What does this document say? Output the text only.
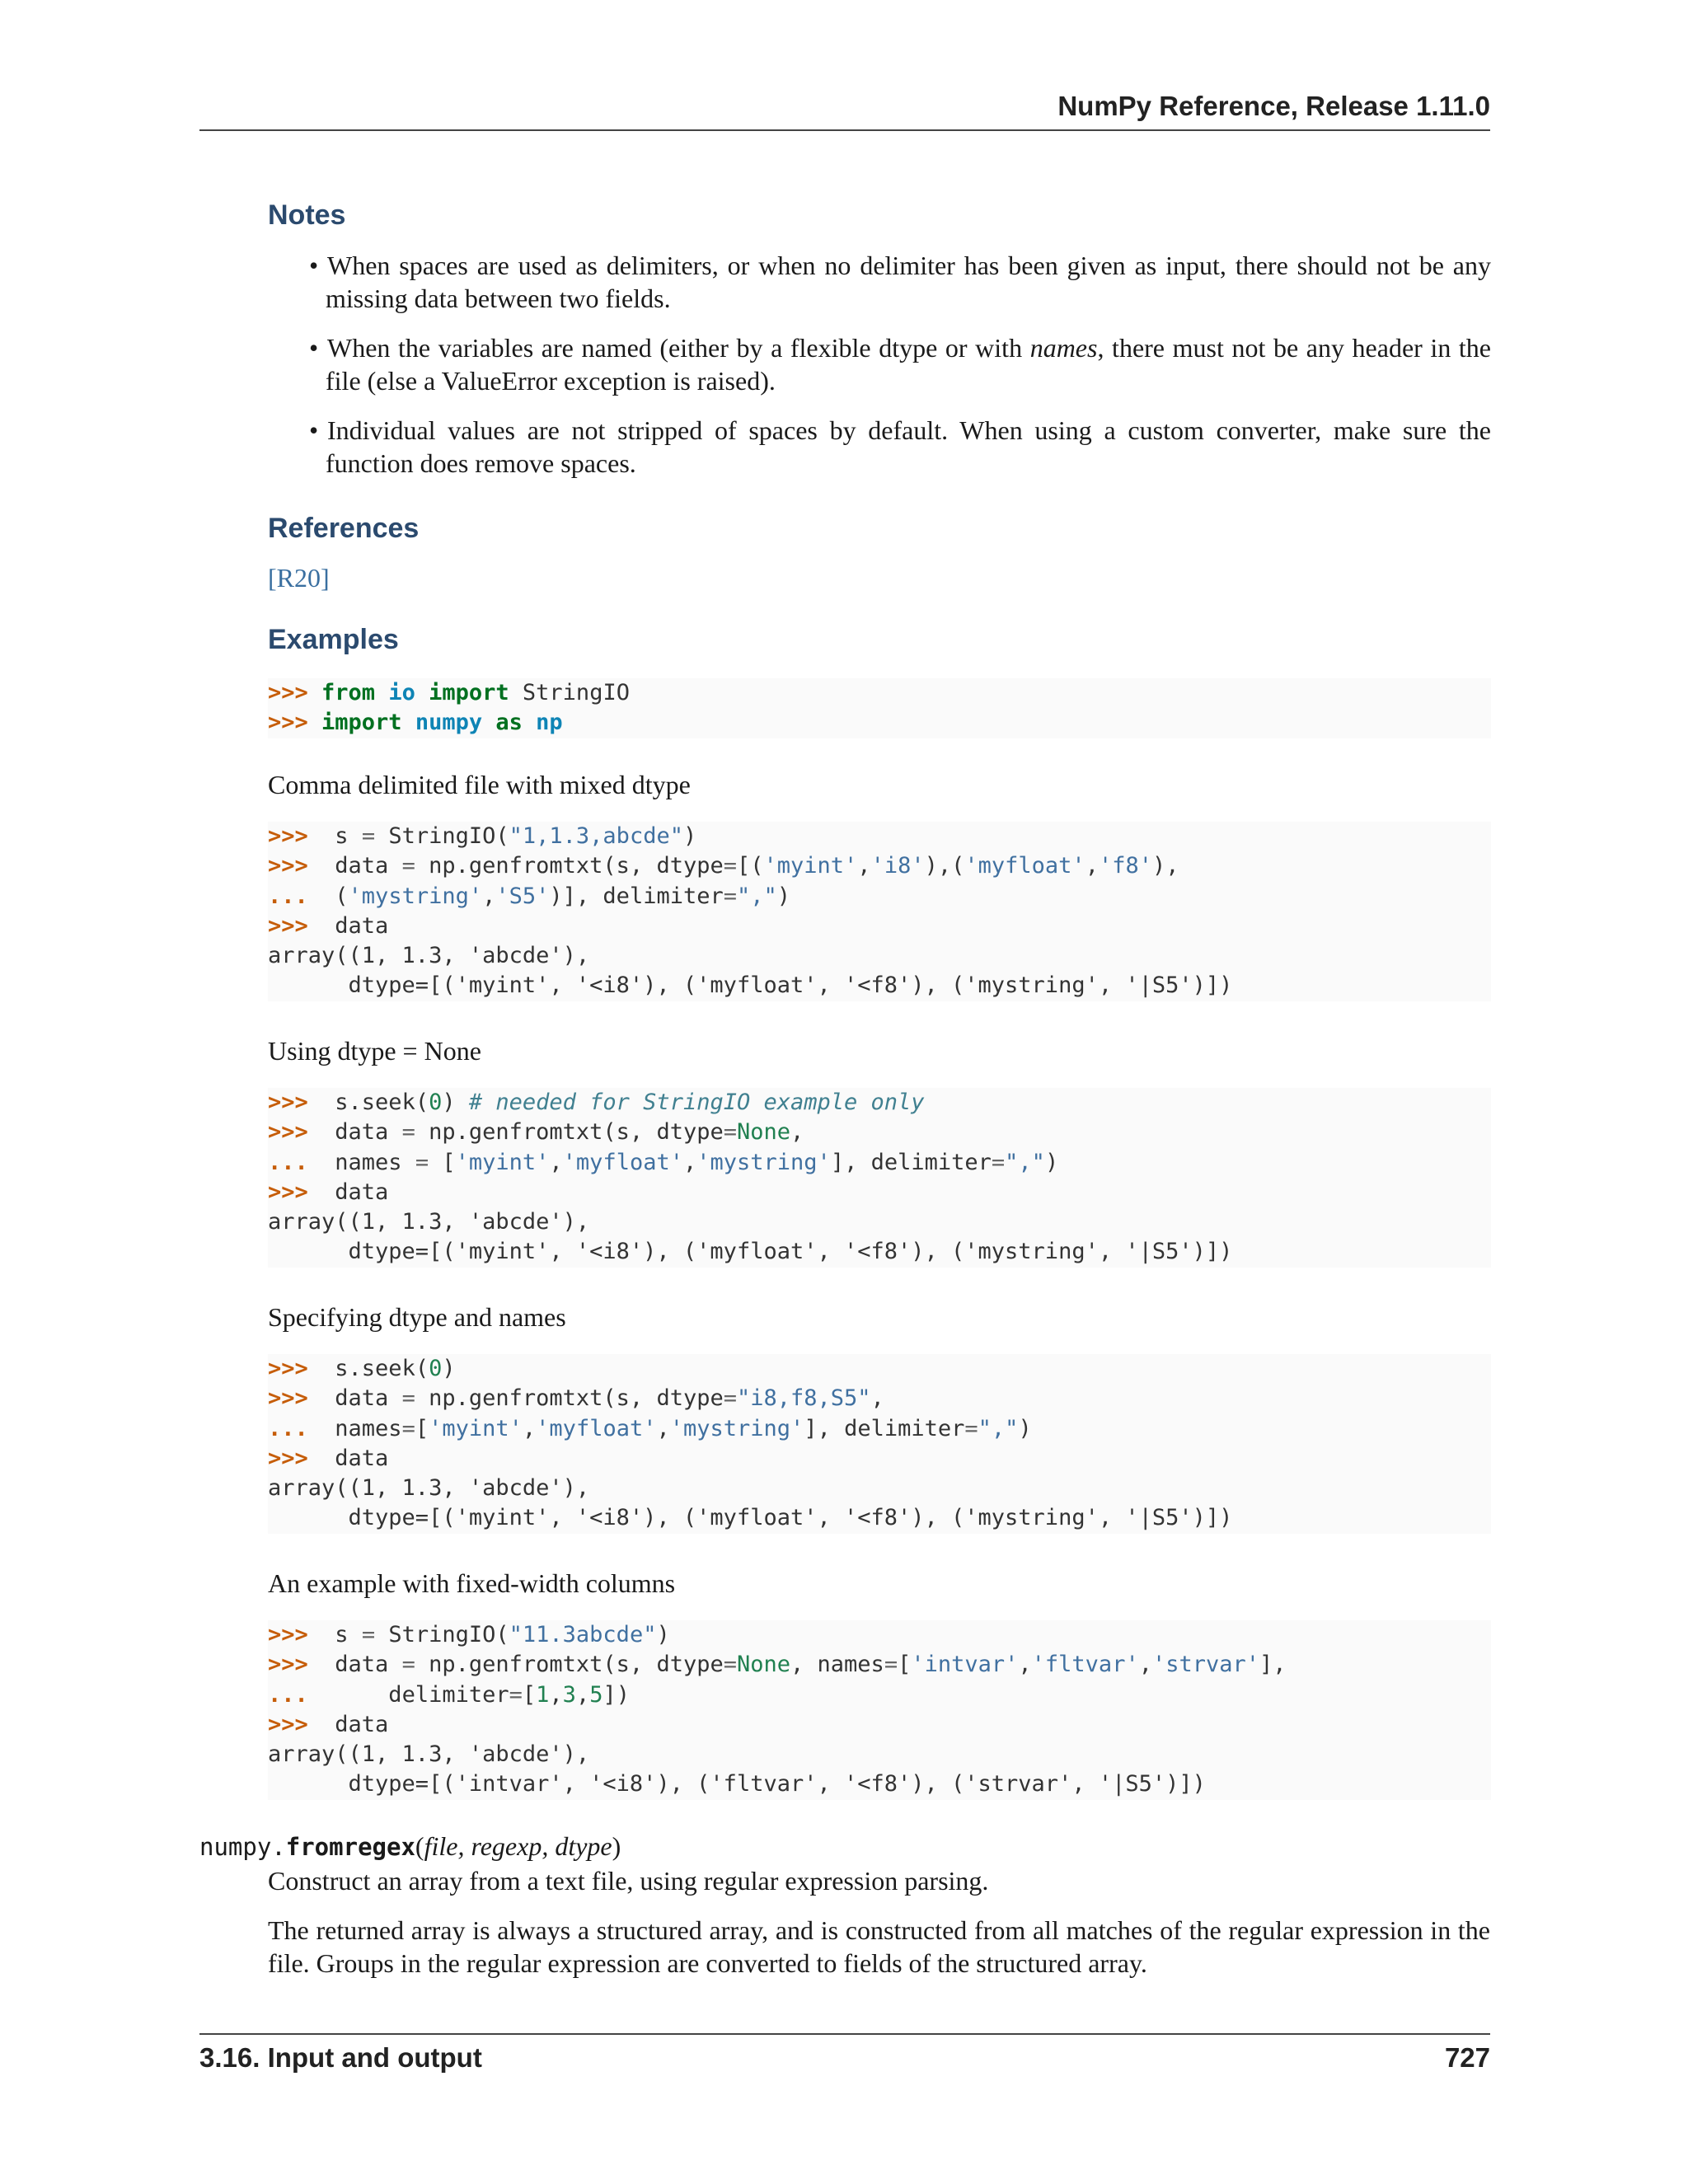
NumPy Reference, Release 1.11.0
Notes
• When spaces are used as delimiters, or when no delimiter has been given as input, there should not be any missing data between two fields.
• When the variables are named (either by a flexible dtype or with names, there must not be any header in the file (else a ValueError exception is raised).
• Individual values are not stripped of spaces by default. When using a custom converter, make sure the function does remove spaces.
References
[R20]
Examples
>>> from io import StringIO
>>> import numpy as np
Comma delimited file with mixed dtype
>>>  s = StringIO("1,1.3,abcde")
>>>  data = np.genfromtxt(s, dtype=[('myint','i8'),('myfloat','f8'),
...  ('mystring','S5')], delimiter=",")
>>>  data
array((1, 1.3, 'abcde'),
dtype=[('myint', '<i8'), ('myfloat', '<f8'), ('mystring', '|S5')])
Using dtype = None
>>>  s.seek(0) # needed for StringIO example only
>>>  data = np.genfromtxt(s, dtype=None,
...  names = ['myint','myfloat','mystring'], delimiter=",")
>>>  data
array((1, 1.3, 'abcde'),
dtype=[('myint', '<i8'), ('myfloat', '<f8'), ('mystring', '|S5')])
Specifying dtype and names
>>>  s.seek(0)
>>>  data = np.genfromtxt(s, dtype="i8,f8,S5",
...  names=['myint','myfloat','mystring'], delimiter=",")
>>>  data
array((1, 1.3, 'abcde'),
dtype=[('myint', '<i8'), ('myfloat', '<f8'), ('mystring', '|S5')])
An example with fixed-width columns
>>>  s = StringIO("11.3abcde")
>>>  data = np.genfromtxt(s, dtype=None, names=['intvar','fltvar','strvar'],
...      delimiter=[1,3,5])
>>>  data
array((1, 1.3, 'abcde'),
dtype=[('intvar', '<i8'), ('fltvar', '<f8'), ('strvar', '|S5')])
numpy.fromregex(file, regexp, dtype)
Construct an array from a text file, using regular expression parsing.
The returned array is always a structured array, and is constructed from all matches of the regular expression in the file. Groups in the regular expression are converted to fields of the structured array.
3.16. Input and output	727
